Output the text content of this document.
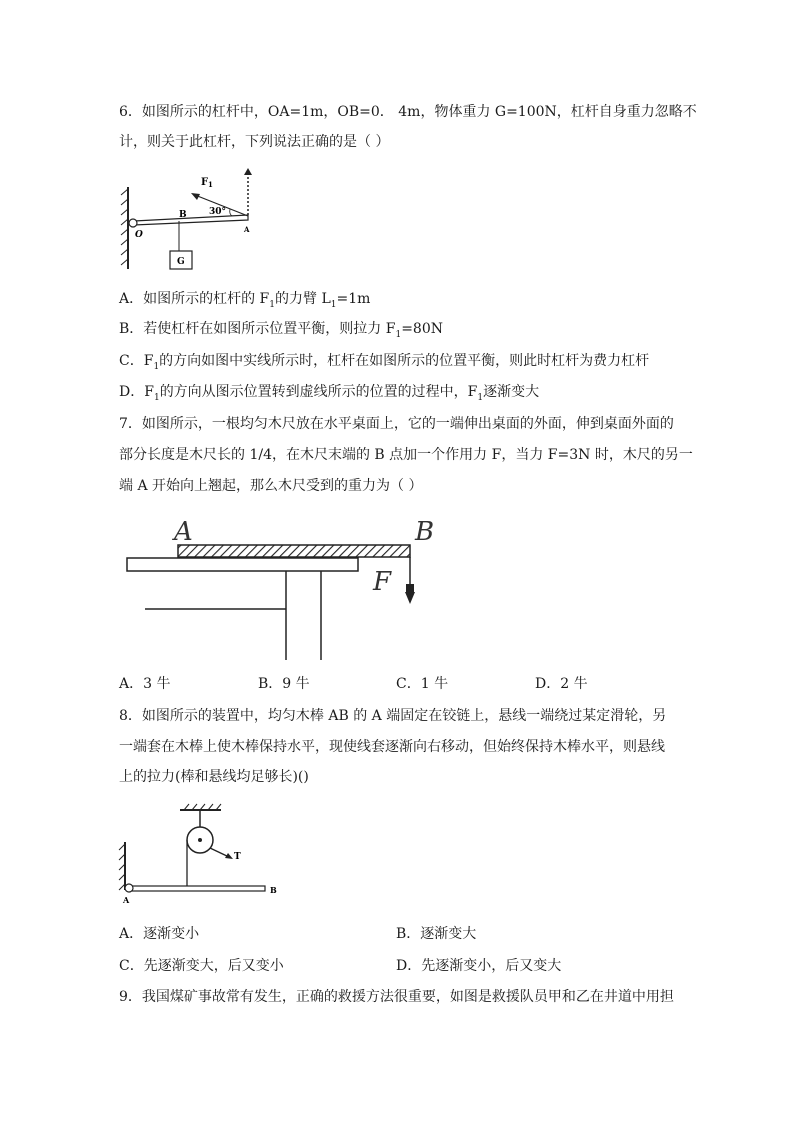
6．如图所示的杠杆中，OA=1m，OB=0． 4m，物体重力 G=100N，杠杆自身重力忽略不
计，则关于此杠杆，下列说法正确的是（ ）
F 1
30°
B
O
A
G
A．如图所示的杠杆的 $F_1$的力臂 $L_1=1m$
B．若使杠杆在如图所示位置平衡，则拉力 $F_1=80N$
C．$F_1$的方向如图中实线所示时，杠杆在如图所示的位置平衡，则此时杠杆为费力杠杆
D．$F_1$的方向从图示位置转到虚线所示的位置的过程中，$F_1$逐渐变大
7．如图所示，一根均匀木尺放在水平桌面上，它的一端伸出桌面的外面，伸到桌面外面的
部分长度是木尺长的 1/4，在木尺末端的 B 点加一个作用力 F，当力 F=3N 时，木尺的另一
端 A 开始向上翘起，那么木尺受到的重力为（ ）
A	B
F
A．3 牛	B．9 牛	C．1 牛	D．2 牛
8．如图所示的装置中，均匀木棒 AB 的 A 端固定在铰链上，悬线一端绕过某定滑轮，另
一端套在木棒上使木棒保持水平，现使线套逐渐向右移动，但始终保持木棒水平，则悬线
上的拉力(棒和悬线均足够长)()
T
A
B
A．逐渐变小	B．逐渐变大
C．先逐渐变大，后又变小	D．先逐渐变小，后又变大
9．我国煤矿事故常有发生，正确的救援方法很重要，如图是救援队员甲和乙在井道中用担
